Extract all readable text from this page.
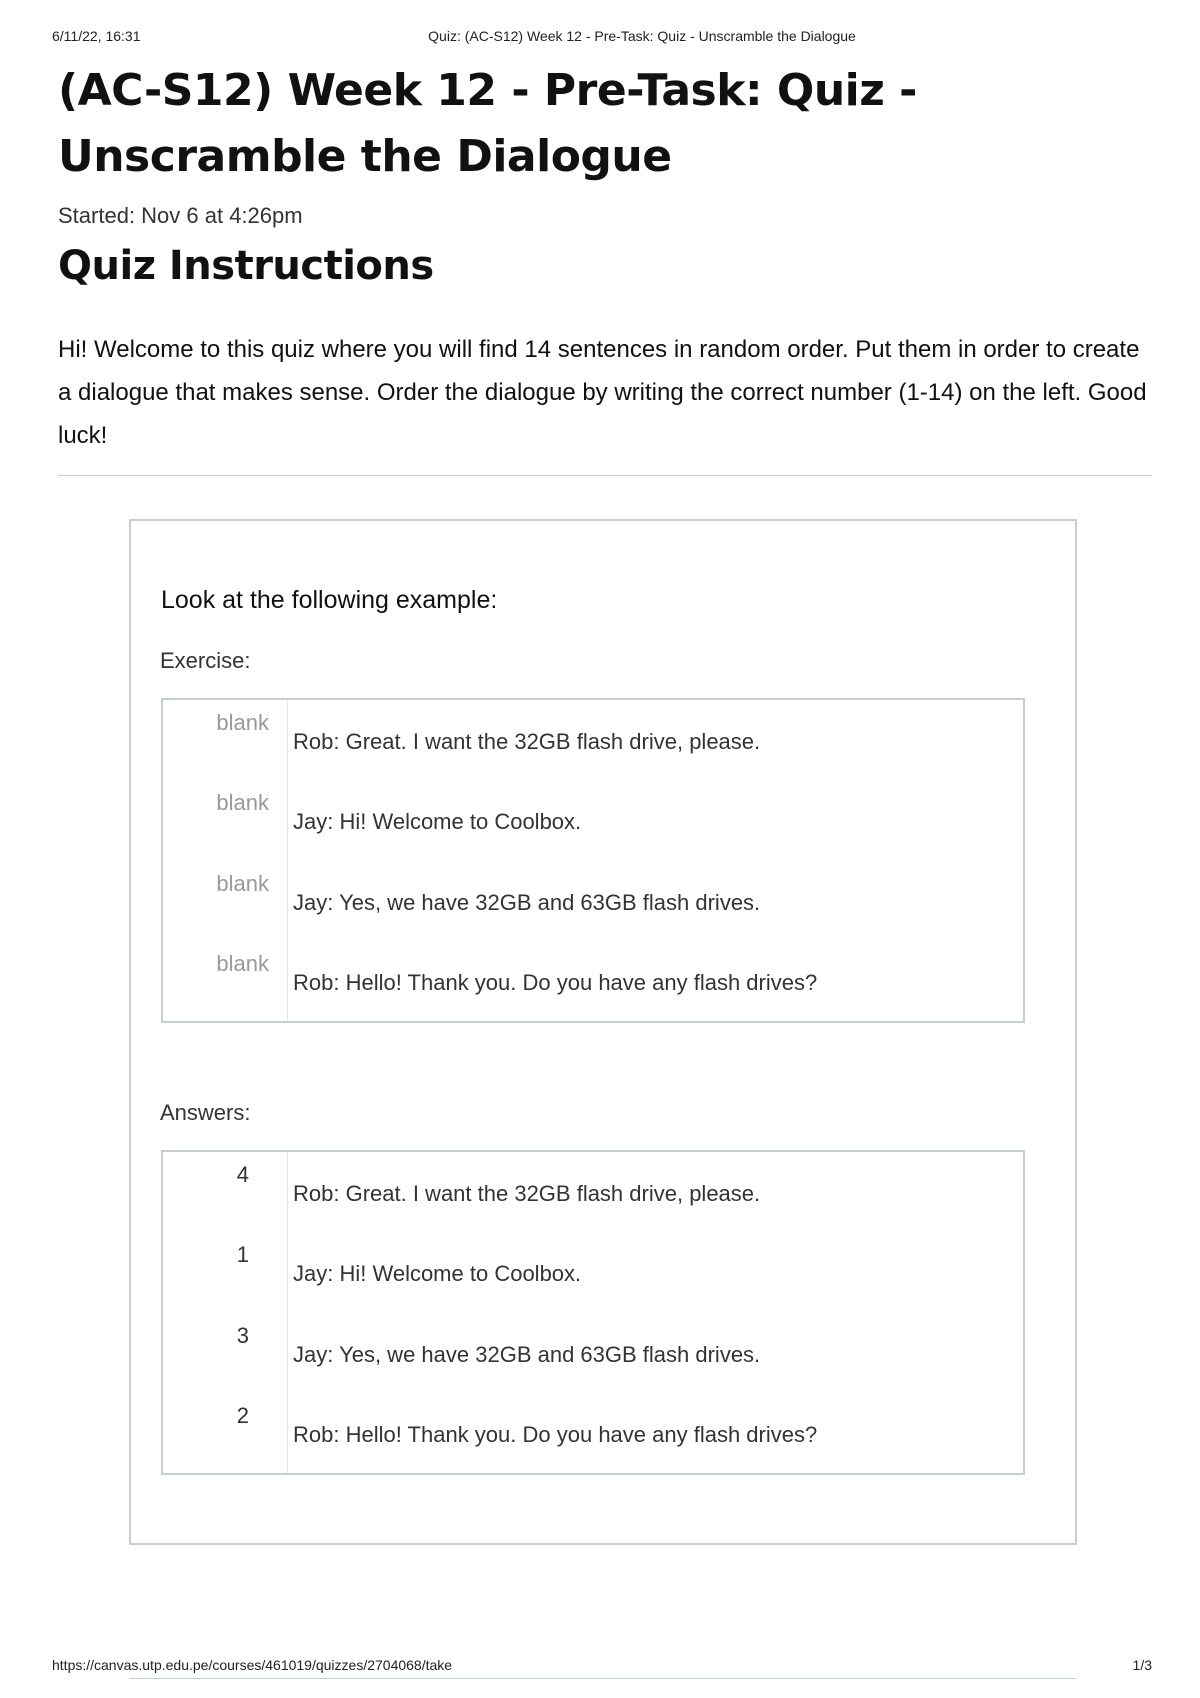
6/11/22, 16:31	Quiz: (AC-S12) Week 12 - Pre-Task: Quiz - Unscramble the Dialogue
(AC-S12) Week 12 - Pre-Task: Quiz - Unscramble the Dialogue
Started: Nov 6 at 4:26pm
Quiz Instructions

Hi! Welcome to this quiz where you will find 14 sentences in random order. Put them in order to create a dialogue that makes sense. Order the dialogue by writing the correct number (1-14) on the left. Good luck!

Look at the following example:
Exercise:
blank
Rob: Great. I want the 32GB flash drive, please.
blank
Jay: Hi! Welcome to Coolbox.
blank
Jay: Yes, we have 32GB and 63GB flash drives.
blank
Rob: Hello! Thank you. Do you have any flash drives?
Answers:
4
Rob: Great. I want the 32GB flash drive, please.
1
Jay: Hi! Welcome to Coolbox.
3
Jay: Yes, we have 32GB and 63GB flash drives.
2
Rob: Hello! Thank you. Do you have any flash drives?
https://canvas.utp.edu.pe/courses/461019/quizzes/2704068/take	1/3
